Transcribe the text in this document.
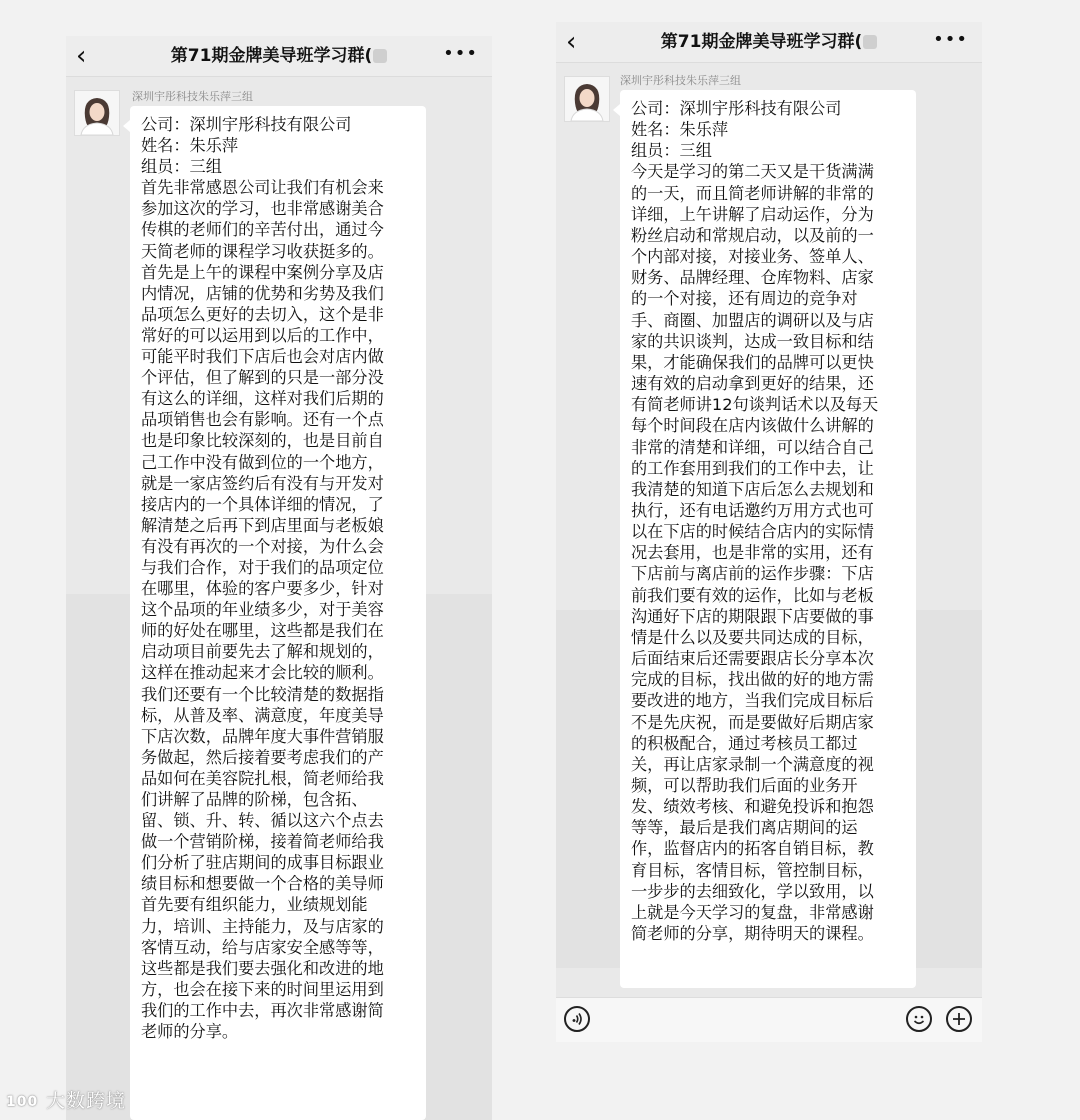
‹	第71期金牌美导班学习群(	•••
深圳宇彤科技朱乐萍三组

公司：深圳宇彤科技有限公司

姓名：朱乐萍

组员：三组

首先非常感恩公司让我们有机会来

参加这次的学习，也非常感谢美合

传棋的老师们的辛苦付出，通过今

天简老师的课程学习收获挺多的。

首先是上午的课程中案例分享及店

内情况，店铺的优势和劣势及我们

品项怎么更好的去切入，这个是非

常好的可以运用到以后的工作中，

可能平时我们下店后也会对店内做

个评估，但了解到的只是一部分没

有这么的详细，这样对我们后期的

品项销售也会有影响。还有一个点

也是印象比较深刻的，也是目前自

己工作中没有做到位的一个地方，

就是一家店签约后有没有与开发对

接店内的一个具体详细的情况，了

解清楚之后再下到店里面与老板娘

有没有再次的一个对接，为什么会

与我们合作，对于我们的品项定位

在哪里，体验的客户要多少，针对

这个品项的年业绩多少，对于美容

师的好处在哪里，这些都是我们在

启动项目前要先去了解和规划的，

这样在推动起来才会比较的顺利。

我们还要有一个比较清楚的数据指

标，从普及率、满意度，年度美导

下店次数，品牌年度大事件营销服

务做起，然后接着要考虑我们的产

品如何在美容院扎根，简老师给我

们讲解了品牌的阶梯，包含拓、

留、锁、升、转、循以这六个点去

做一个营销阶梯，接着简老师给我

们分析了驻店期间的成事目标跟业

绩目标和想要做一个合格的美导师

首先要有组织能力，业绩规划能

力，培训、主持能力，及与店家的

客情互动，给与店家安全感等等，

这些都是我们要去强化和改进的地

方，也会在接下来的时间里运用到

我们的工作中去，再次非常感谢简

老师的分享。

‹	第71期金牌美导班学习群(	•••
深圳宇彤科技朱乐萍三组

公司：深圳宇彤科技有限公司

姓名：朱乐萍

组员：三组

今天是学习的第二天又是干货满满

的一天，而且简老师讲解的非常的

详细，上午讲解了启动运作，分为

粉丝启动和常规启动，以及前的一

个内部对接，对接业务、签单人、

财务、品牌经理、仓库物料、店家

的一个对接，还有周边的竞争对

手、商圈、加盟店的调研以及与店

家的共识谈判，达成一致目标和结

果，才能确保我们的品牌可以更快

速有效的启动拿到更好的结果，还

有简老师讲12句谈判话术以及每天

每个时间段在店内该做什么讲解的

非常的清楚和详细，可以结合自己

的工作套用到我们的工作中去，让

我清楚的知道下店后怎么去规划和

执行，还有电话邀约万用方式也可

以在下店的时候结合店内的实际情

况去套用，也是非常的实用，还有

下店前与离店前的运作步骤：下店

前我们要有效的运作，比如与老板

沟通好下店的期限跟下店要做的事

情是什么以及要共同达成的目标，

后面结束后还需要跟店长分享本次

完成的目标，找出做的好的地方需

要改进的地方，当我们完成目标后

不是先庆祝，而是要做好后期店家

的积极配合，通过考核员工都过

关，再让店家录制一个满意度的视

频，可以帮助我们后面的业务开

发、绩效考核、和避免投诉和抱怨

等等，最后是我们离店期间的运

作，监督店内的拓客自销目标，教

育目标，客情目标，管控制目标，

一步步的去细致化，学以致用，以

上就是今天学习的复盘，非常感谢

简老师的分享，期待明天的课程。

100 大数跨境
